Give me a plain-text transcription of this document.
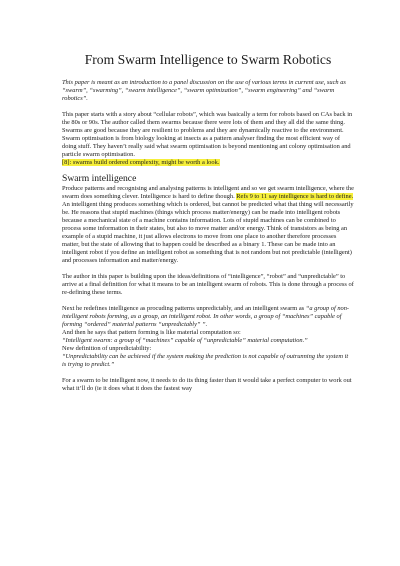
From Swarm Intelligence to Swarm Robotics

This paper is meant as an introduction to a panel discussion on the use of various terms in current use, such as “swarm”, “swarming”, “swarm intelligence”, “swarm optimization”, “swarm engineering” and “swarm robotics”.

This paper starts with a story about “cellular robots”, which was basically a term for robots based on CAs back in the 80s or 90s. The author called them swarms because there were lots of them and they all did the same thing.

Swarms are good because they are resilient to problems and they are dynamically reactive to the environment.

Swarm optimisation is from biology looking at insects as a pattern analyser finding the most efficient way of doing stuff. They haven’t really said what swarm optimisation is beyond mentioning ant colony optimisation and particle swarm optimisation.

[8]: swarms build ordered complexity, might be worth a look.

Swarm intelligence

Produce patterns and recognising and analysing patterns is intelligent and so we get swarm intelligence, where the swarm does something clever. Intelligence is hard to define though. Refs 9 to 11 say intelligence is hard to define.

An intelligent thing produces something which is ordered, but cannot be predicted what that thing will necessarily be. He reasons that stupid machines (things which process matter/energy) can be made into intelligent robots because a mechanical state of a machine contains information. Lots of stupid machines can be combined to process some information in their states, but also to move matter and/or energy. Think of transistors as being an example of a stupid machine, it just allows electrons to move from one place to another therefore processes matter, but the state of allowing that to happen could be described as a binary 1. These can be made into an intelligent robot if you define an intelligent robot as something that is not random but not predictable (intelligent) and processes information and matter/energy.

The author in this paper is building upon the ideas/definitions of “intelligence”, “robot” and “unpredictable” to arrive at a final definition for what it means to be an intelligent swarm of robots. This is done through a process of re-defining these terms.

Next he redefines intelligence as procuding patterns unpredictably, and an intelligent swarm as “a group of non-intelligent robots forming, as a group, an intelligent robot. In other words, a group of “machines” capable of forming “ordered” material patterns “unpredictably” ”.

And then he says that pattern forming is like material computation so:

“Intelligent swarm: a group of “machines” capable of “unpredictable” material computation.”

New definition of unpredictability:

“Unpredictability can be achieved if the system making the prediction is not capable of outrunning the system it is trying to predict.”

For a swarm to be intelligent now, it needs to do its thing faster than it would take a perfect computer to work out what it’ll do (ie it does what it does the fastest way
